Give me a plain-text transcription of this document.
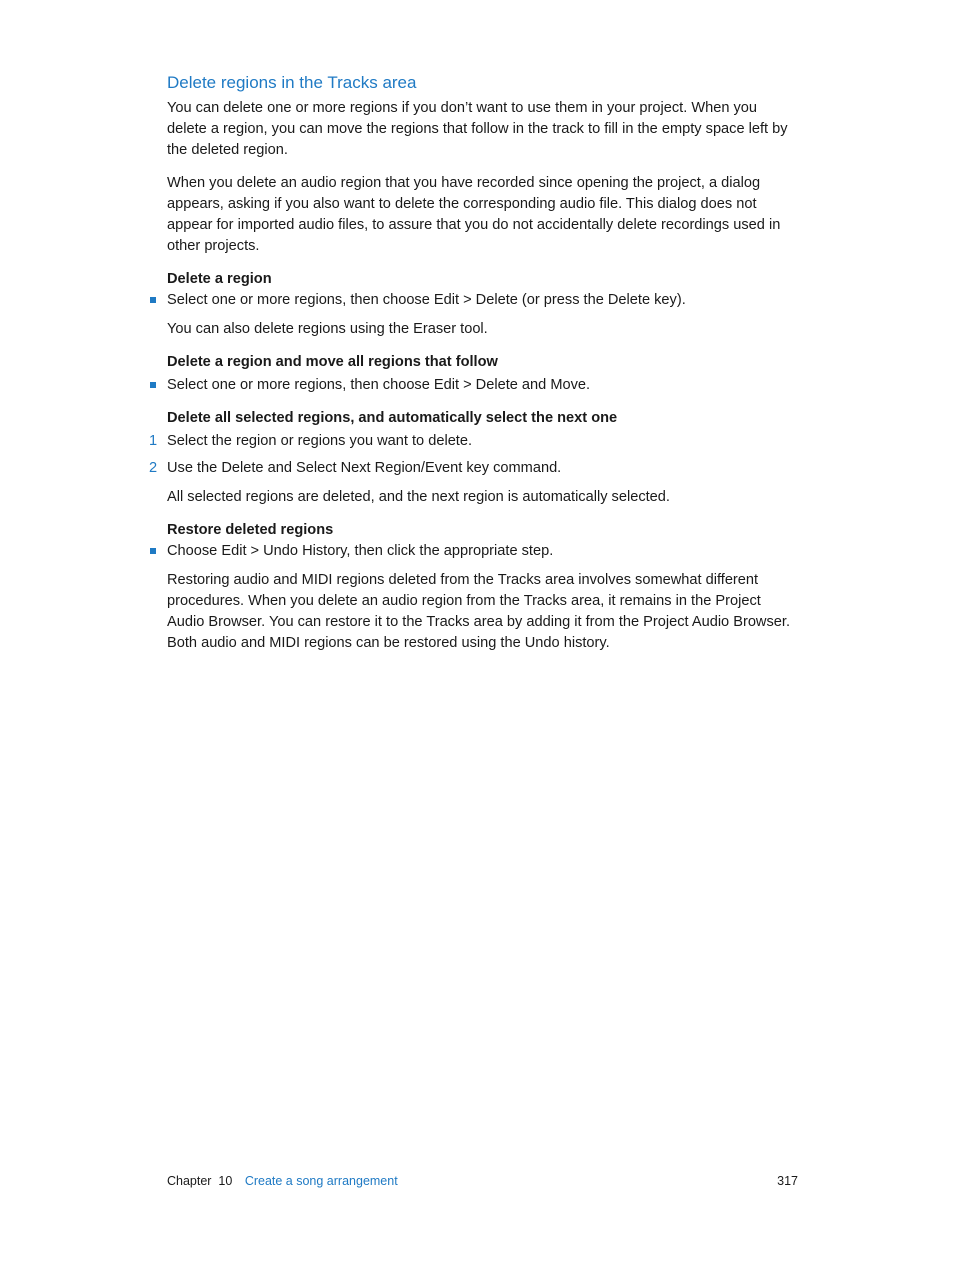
Delete regions in the Tracks area

You can delete one or more regions if you don’t want to use them in your project. When you delete a region, you can move the regions that follow in the track to fill in the empty space left by the deleted region.

When you delete an audio region that you have recorded since opening the project, a dialog appears, asking if you also want to delete the corresponding audio file. This dialog does not appear for imported audio files, to assure that you do not accidentally delete recordings used in other projects.

Delete a region
Select one or more regions, then choose Edit > Delete (or press the Delete key).

You can also delete regions using the Eraser tool.

Delete a region and move all regions that follow
Select one or more regions, then choose Edit > Delete and Move.
Delete all selected regions, and automatically select the next one
1 Select the region or regions you want to delete.
2 Use the Delete and Select Next Region/Event key command.

All selected regions are deleted, and the next region is automatically selected.

Restore deleted regions
Choose Edit > Undo History, then click the appropriate step.

Restoring audio and MIDI regions deleted from the Tracks area involves somewhat different procedures. When you delete an audio region from the Tracks area, it remains in the Project Audio Browser. You can restore it to the Tracks area by adding it from the Project Audio Browser. Both audio and MIDI regions can be restored using the Undo history.

Chapter  10 Create a song arrangement	317
